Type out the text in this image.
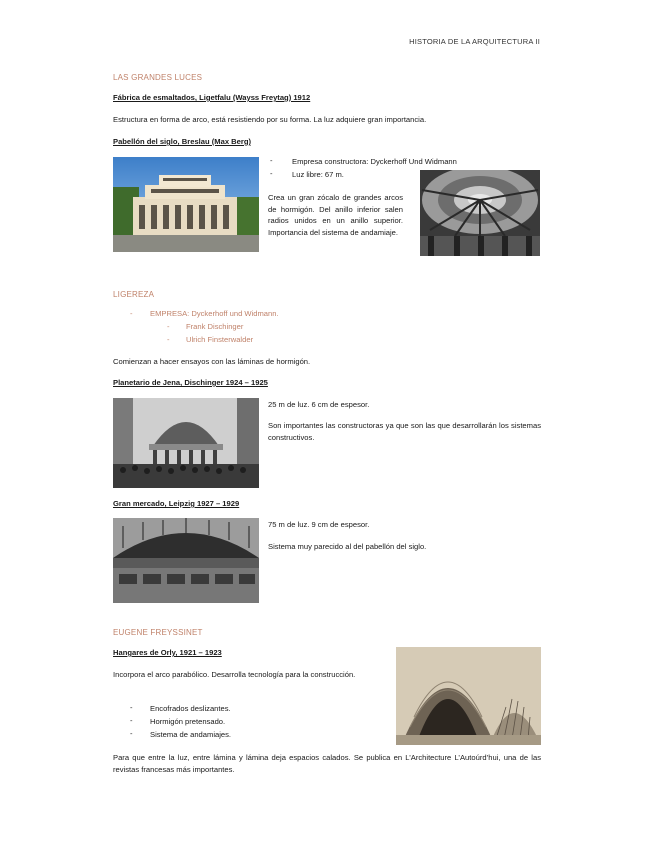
HISTORIA DE LA ARQUITECTURA II
LAS GRANDES LUCES
Fábrica de esmaltados, Ligetfalu (Wayss Freytag) 1912
Estructura en forma de arco, está resistiendo por su forma. La luz adquiere gran importancia.
Pabellón del siglo, Breslau (Max Berg)
-	Empresa constructora: Dyckerhoff Und Widmann
-	Luz libre: 67 m.
Crea un gran zócalo de grandes arcos de hormigón. Del anillo inferior salen radios unidos en un anillo superior. Importancia del sistema de andamiaje.
LIGEREZA
- EMPRESA: Dyckerhoff und Widmann.
- Frank Dischinger
- Ulrich Finsterwalder
Comienzan a hacer ensayos con las láminas de hormigón.
Planetario de Jena, Dischinger 1924 – 1925
25 m de luz. 6 cm de espesor.
Son importantes las constructoras ya que son las que desarrollarán los sistemas constructivos.
Gran mercado, Leipzig 1927 – 1929
75 m de luz. 9 cm de espesor.
Sistema muy parecido al del pabellón del siglo.
EUGENE FREYSSINET
Hangares de Orly, 1921 – 1923
Incorpora el arco parabólico. Desarrolla tecnología para la construcción.
- Encofrados deslizantes.
- Hormigón pretensado.
- Sistema de andamiajes.
Para que entre la luz, entre lámina y lámina deja espacios calados. Se publica en L’Architecture L’Autoúrd’hui, una de las revistas francesas más importantes.
